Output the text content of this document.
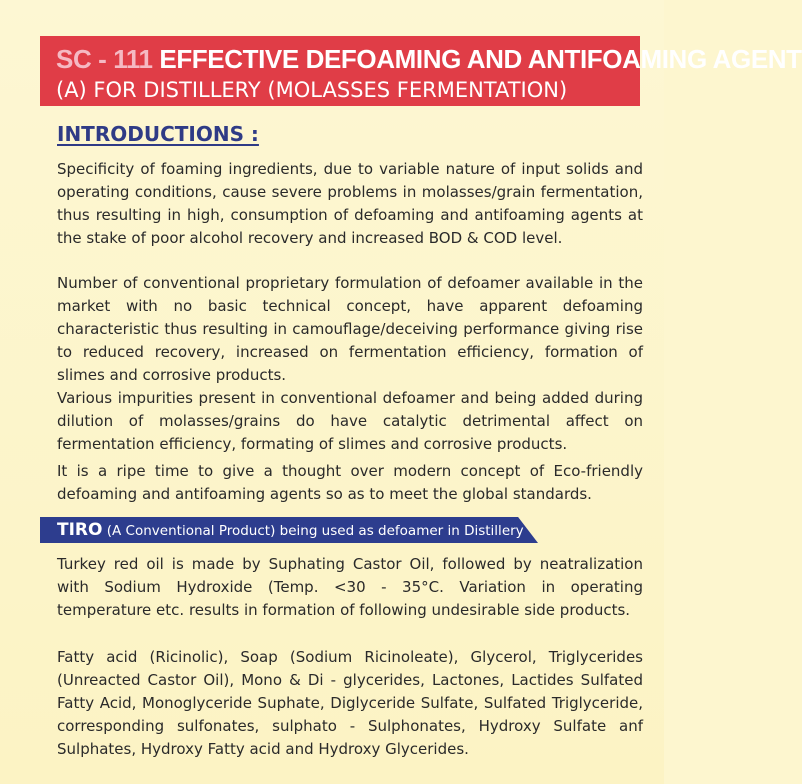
SC - 111 EFFECTIVE DEFOAMING AND ANTIFOAMING AGENT
(A) FOR DISTILLERY (MOLASSES FERMENTATION)
INTRODUCTIONS :
Specificity of foaming ingredients, due to variable nature of input solids and operating conditions, cause severe problems in molasses/grain fermentation, thus resulting in high, consumption of defoaming and antifoaming agents at the stake of poor alcohol recovery and increased BOD & COD level.
Number of conventional proprietary formulation of defoamer available in the market with no basic technical concept, have apparent defoaming characteristic thus resulting in camouflage/deceiving performance giving rise to reduced recovery, increased on fermentation efficiency, formation of slimes and corrosive products.
Various impurities present in conventional defoamer and being added during dilution of molasses/grains do have catalytic detrimental affect on fermentation efficiency, formating of slimes and corrosive products.
It is a ripe time to give a thought over modern concept of Eco-friendly defoaming and antifoaming agents so as to meet the global standards.
TIRO (A Conventional Product) being used as defoamer in Distillery
Turkey red oil is made by Suphating Castor Oil, followed by neatralization with Sodium Hydroxide (Temp. <30 - 35°C. Variation in operating temperature etc. results in formation of following undesirable side products.
Fatty acid (Ricinolic), Soap (Sodium Ricinoleate), Glycerol, Triglycerides (Unreacted Castor Oil), Mono & Di - glycerides, Lactones, Lactides Sulfated Fatty Acid, Monoglyceride Suphate, Diglyceride Sulfate, Sulfated Triglyceride, corresponding sulfonates, sulphato - Sulphonates, Hydroxy Sulfate anf Sulphates, Hydroxy Fatty acid and Hydroxy Glycerides.
